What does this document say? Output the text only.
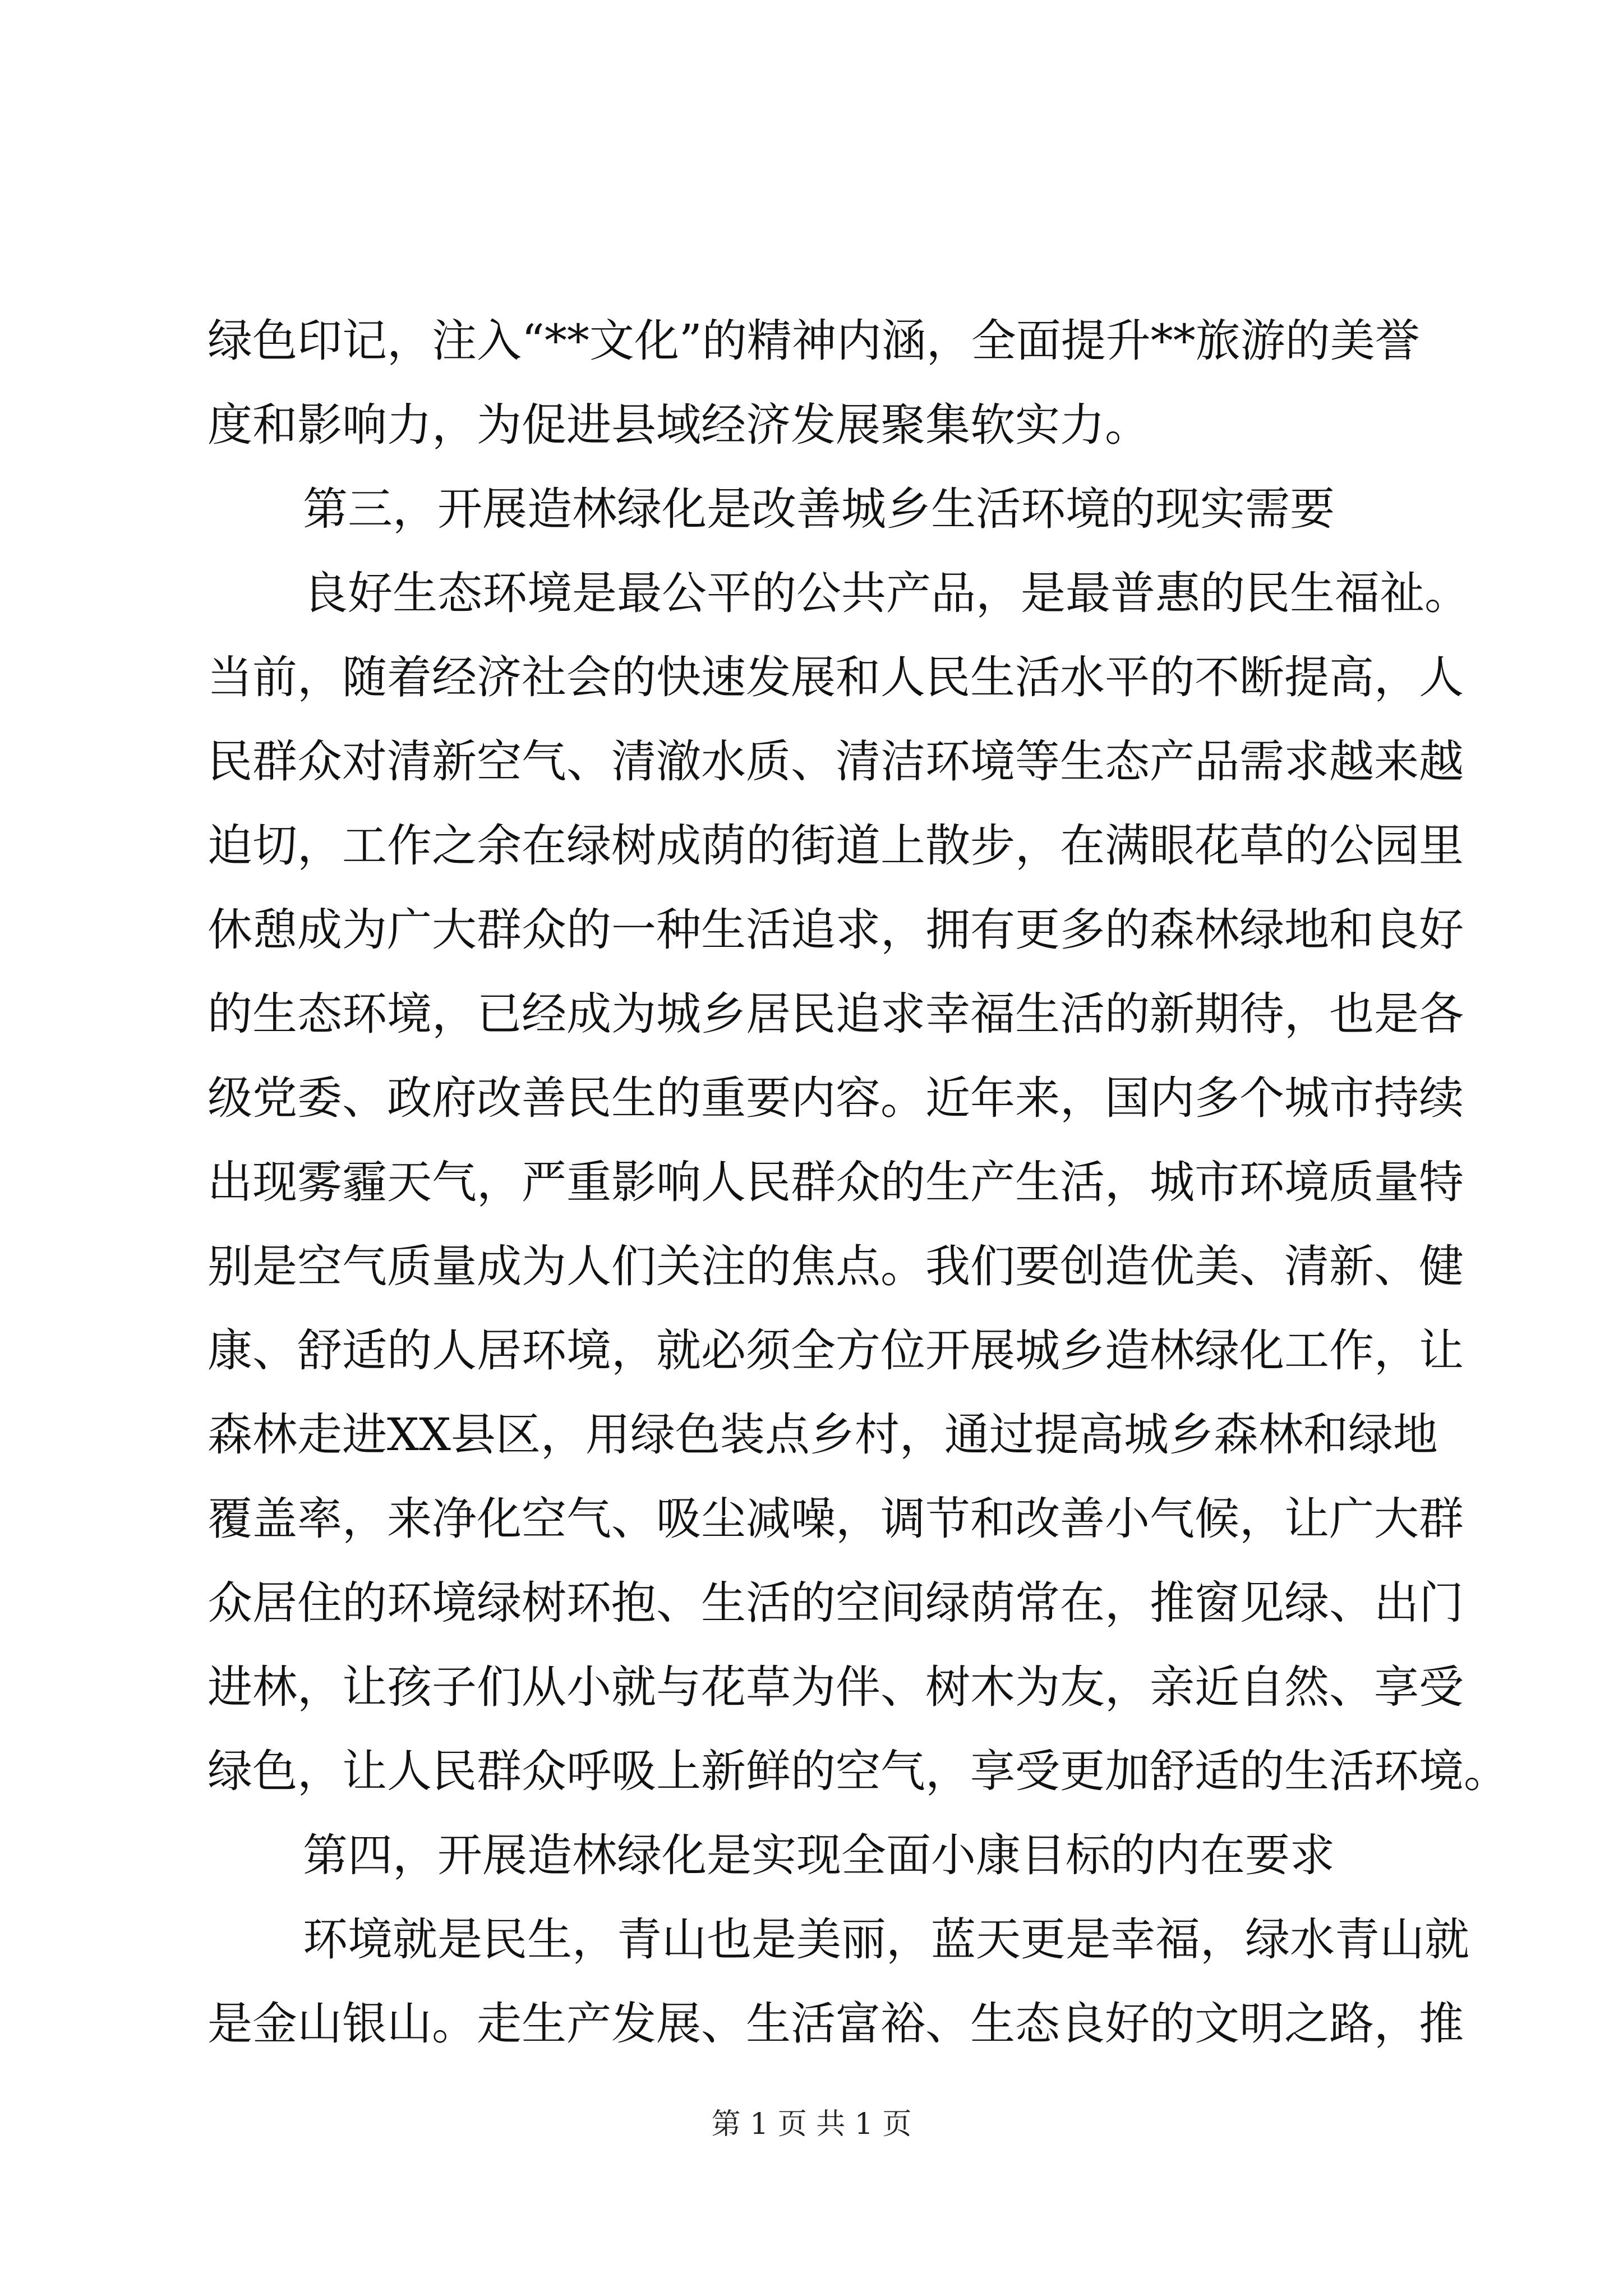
绿色印记，注入“**文化”的精神内涵，全面提升**旅游的美誉
度和影响力，为促进县域经济发展聚集软实力。
第三，开展造林绿化是改善城乡生活环境的现实需要
良好生态环境是最公平的公共产品，是最普惠的民生福祉。
当前，随着经济社会的快速发展和人民生活水平的不断提高，人
民群众对清新空气、清澈水质、清洁环境等生态产品需求越来越
迫切，工作之余在绿树成荫的街道上散步，在满眼花草的公园里
休憩成为广大群众的一种生活追求，拥有更多的森林绿地和良好
的生态环境，已经成为城乡居民追求幸福生活的新期待，也是各
级党委、政府改善民生的重要内容。近年来，国内多个城市持续
出现雾霾天气，严重影响人民群众的生产生活，城市环境质量特
别是空气质量成为人们关注的焦点。我们要创造优美、清新、健
康、舒适的人居环境，就必须全方位开展城乡造林绿化工作，让
森林走进XX县区，用绿色装点乡村，通过提高城乡森林和绿地
覆盖率，来净化空气、吸尘减噪，调节和改善小气候，让广大群
众居住的环境绿树环抱、生活的空间绿荫常在，推窗见绿、出门
进林，让孩子们从小就与花草为伴、树木为友，亲近自然、享受
绿色，让人民群众呼吸上新鲜的空气，享受更加舒适的生活环境。
第四，开展造林绿化是实现全面小康目标的内在要求
环境就是民生，青山也是美丽，蓝天更是幸福，绿水青山就
是金山银山。走生产发展、生活富裕、生态良好的文明之路，推
第 1 页 共 1 页
